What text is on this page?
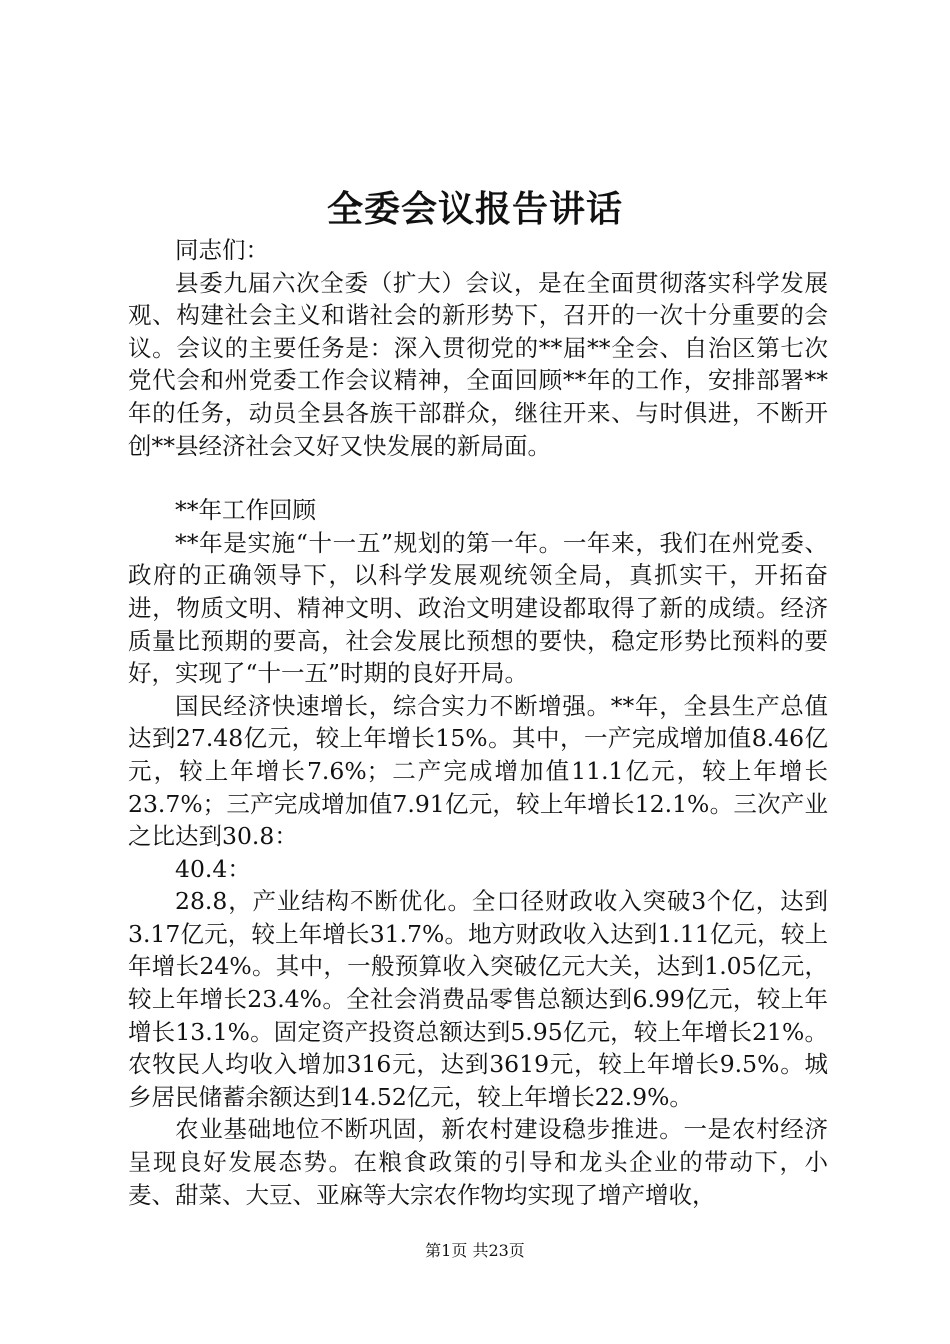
全委会议报告讲话

同志们：

县委九届六次全委（扩大）会议，是在全面贯彻落实科学发展观、构建社会主义和谐社会的新形势下，召开的一次十分重要的会议。会议的主要任务是：深入贯彻党的**届**全会、自治区第七次党代会和州党委工作会议精神，全面回顾**年的工作，安排部署**年的任务，动员全县各族干部群众，继往开来、与时俱进，不断开创**县经济社会又好又快发展的新局面。

**年工作回顾

**年是实施“十一五”规划的第一年。一年来，我们在州党委、政府的正确领导下，以科学发展观统领全局，真抓实干，开拓奋进，物质文明、精神文明、政治文明建设都取得了新的成绩。经济质量比预期的要高，社会发展比预想的要快，稳定形势比预料的要好，实现了“十一五”时期的良好开局。

国民经济快速增长，综合实力不断增强。**年，全县生产总值达到27.48亿元，较上年增长15%。其中，一产完成增加值8.46亿元，较上年增长7.6%；二产完成增加值11.1亿元，较上年增长23.7%；三产完成增加值7.91亿元，较上年增长12.1%。三次产业之比达到30.8：

40.4：

28.8，产业结构不断优化。全口径财政收入突破3个亿，达到3.17亿元，较上年增长31.7%。地方财政收入达到1.11亿元，较上年增长24%。其中，一般预算收入突破亿元大关，达到1.05亿元，较上年增长23.4%。全社会消费品零售总额达到6.99亿元，较上年增长13.1%。固定资产投资总额达到5.95亿元，较上年增长21%。农牧民人均收入增加316元，达到3619元，较上年增长9.5%。城乡居民储蓄余额达到14.52亿元，较上年增长22.9%。

农业基础地位不断巩固，新农村建设稳步推进。一是农村经济呈现良好发展态势。在粮食政策的引导和龙头企业的带动下，小麦、甜菜、大豆、亚麻等大宗农作物均实现了增产增收，

第1页 共23页
